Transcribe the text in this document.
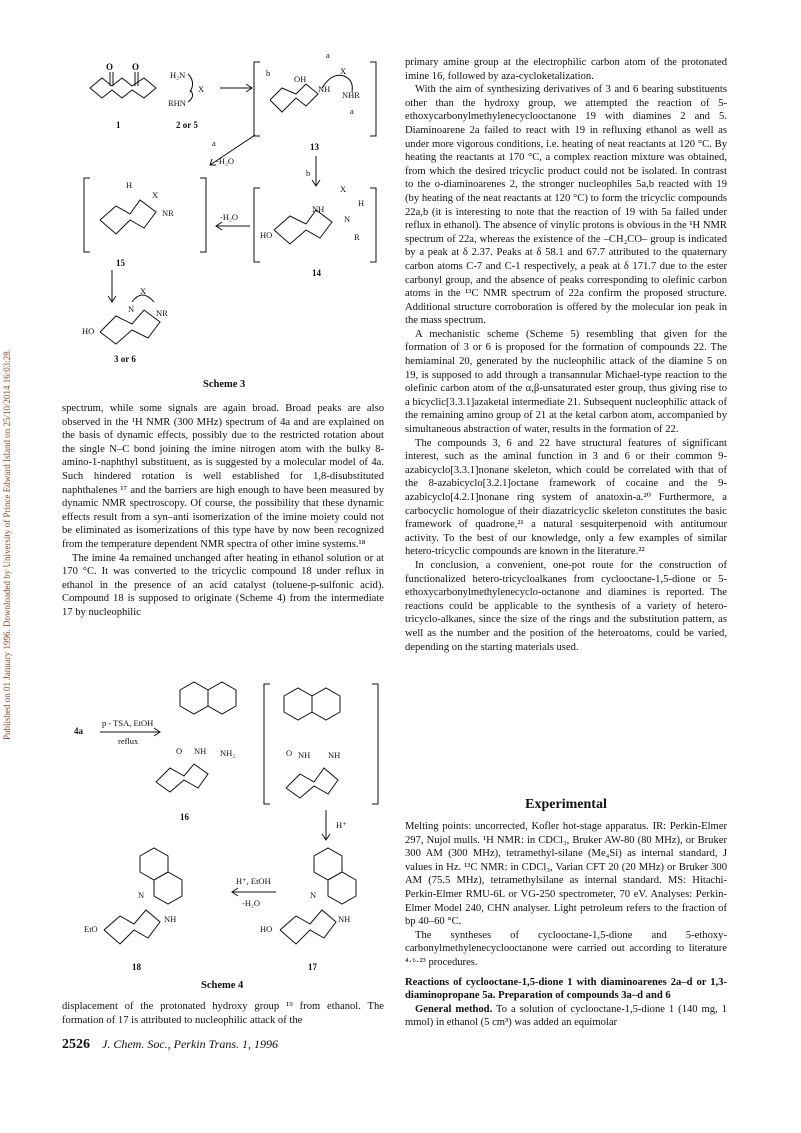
Published on 01 January 1996. Downloaded by University of Prince Edward Island on 25/10/2014 16:03:28.
O O
1
H₂N
X
RHN
2 or 5
b
OH
NH
NHR
X
a
a
13
a
-H₂O
b
HO
NH
N
R
H
X
14
-H₂O
H
X
NR
15
X
N	NR
HO
3 or 6
Scheme 3

spectrum, while some signals are again broad. Broad peaks are also observed in the ¹H NMR (300 MHz) spectrum of 4a and are explained on the basis of dynamic effects, possibly due to the restricted rotation about the single N–C bond joining the imine nitrogen atom with the bulky 8-amino-1-naphthyl substituent, as is suggested by a molecular model of 4a. Such hindered rotation is well established for 1,8-disubstituted naphthalenes ¹⁷ and the barriers are high enough to have been measured by dynamic NMR spectroscopy. Of course, the possibility that these dynamic effects result from a syn–anti isomerization of the imine moiety could not be eliminated as isomerizations of this type have by now been recognized from the temperature dependent NMR spectra of other imine systems.¹⁸

The imine 4a remained unchanged after heating in ethanol solution or at 170 °C. It was converted to the tricyclic compound 18 under reflux in ethanol in the presence of an acid catalyst (toluene-p-sulfonic acid). Compound 18 is supposed to originate (Scheme 4) from the intermediate 17 by nucleophilic

4a
p - TSA, EtOH
reflux
O NH NH₂
16
O NH NH
H⁺
N
NH
HO
17
H⁺, EtOH
-H₂O
N
NH
EtO
18
Scheme 4

displacement of the protonated hydroxy group ¹⁹ from ethanol. The formation of 17 is attributed to nucleophilic attack of the

primary amine group at the electrophilic carbon atom of the protonated imine 16, followed by aza-cycloketalization.

With the aim of synthesizing derivatives of 3 and 6 bearing substituents other than the hydroxy group, we attempted the reaction of 5-ethoxycarbonylmethylenecyclooctanone 19 with diamines 2 and 5. Diaminoarene 2a failed to react with 19 in refluxing ethanol as well as under more vigorous conditions, i.e. heating of neat reactants at 120 °C. By heating the reactants at 170 °C, a complex reaction mixture was obtained, from which the desired tricyclic product could not be isolated. In contrast to the o-diaminoarenes 2, the stronger nucleophiles 5a,b reacted with 19 (by heating of the neat reactants at 120 °C) to form the tricyclic compounds 22a,b (it is interesting to note that the reaction of 19 with 5a failed under reflux in ethanol). The absence of vinylic protons is obvious in the ¹H NMR spectrum of 22a, whereas the existence of the –CH₂CO– group is indicated by a peak at δ 2.37. Peaks at δ 58.1 and 67.7 attributed to the quaternary carbon atoms C-7 and C-1 respectively, a peak at δ 171.7 due to the ester carbonyl group, and the absence of peaks corresponding to olefinic carbon atoms in the ¹³C NMR spectrum of 22a confirm the proposed structure. Additional structure corroboration is offered by the molecular ion peak in the mass spectrum.

A mechanistic scheme (Scheme 5) resembling that given for the formation of 3 or 6 is proposed for the formation of compounds 22. The hemiaminal 20, generated by the nucleophilic attack of the diamine 5 on 19, is supposed to add through a transannular Michael-type reaction to the olefinic carbon atom of the α,β-unsaturated ester group, thus giving rise to a bicyclic[3.3.1]azaketal intermediate 21. Subsequent nucleophilic attack of the remaining amino group of 21 at the ketal carbon atom, accompanied by simultaneous abstraction of water, results in the formation of 22.

The compounds 3, 6 and 22 have structural features of significant interest, such as the aminal function in 3 and 6 or their common 9-azabicyclo[3.3.1]nonane skeleton, which could be correlated with that of the 8-azabicyclo[3.2.1]octane framework of cocaine and the 9-azabicyclo[4.2.1]nonane ring system of anatoxin-a.²⁰ Furthermore, a carbocyclic homologue of their diazatricyclic skeleton constitutes the basic framework of quadrone,²¹ a natural sesquiterpenoid with antitumour activity. To the best of our knowledge, only a few examples of similar hetero-tricyclic compounds are known in the literature.²²

In conclusion, a convenient, one-pot route for the construction of functionalized hetero-tricycloalkanes from cyclooctane-1,5-dione or 5-ethoxycarbonylmethylenecyclo-octanone and diamines is reported. The reactions could be applicable to the synthesis of a variety of hetero-tricyclo-alkanes, since the size of the rings and the substitution pattern, as well as the number and the position of the heteroatoms, could be varied, depending on the starting materials used.

Experimental

Melting points: uncorrected, Kofler hot-stage apparatus. IR: Perkin-Elmer 297, Nujol mulls. ¹H NMR: in CDCl₃, Bruker AW-80 (80 MHz), or Bruker 300 AM (300 MHz), tetramethyl-silane (Me₄Si) as internal standard, J values in Hz. ¹³C NMR: in CDCl₃, Varian CFT 20 (20 MHz) or Bruker 300 AM (75.5 MHz), tetramethylsilane as internal standard. MS: Hitachi-Perkin-Elmer RMU-6L or VG-250 spectrometer, 70 eV. Analyses: Perkin-Elmer Model 240, CHN analyser. Light petroleum refers to the fraction of bp 40–60 °C.

The syntheses of cyclooctane-1,5-dione and 5-ethoxy-carbonylmethylenecyclooctanone were carried out according to literature ⁴·⁶·²³ procedures.

Reactions of cyclooctane-1,5-dione 1 with diaminoarenes 2a–d or 1,3-diaminopropane 5a. Preparation of compounds 3a–d and 6

General method. To a solution of cyclooctane-1,5-dione 1 (140 mg, 1 mmol) in ethanol (5 cm³) was added an equimolar

2526 J. Chem. Soc., Perkin Trans. 1, 1996
